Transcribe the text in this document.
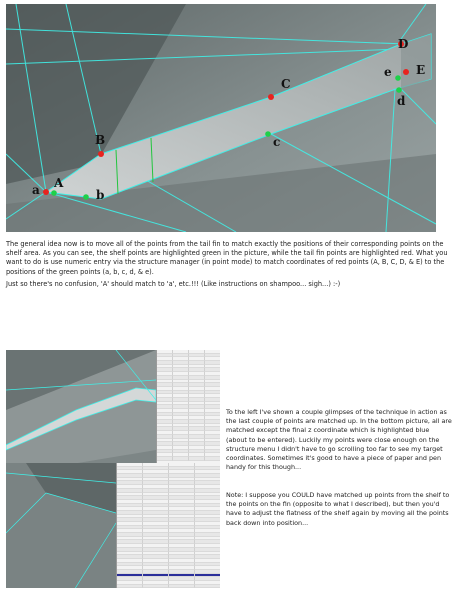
A
a
B
b
C
c
D
d
E
e

The general idea now is to move all of the points from the tail fin to match exactly the positions of their corresponding points on the shelf area. As you can see, the shelf points are highlighted green in the picture, while the tail fin points are highlighted red. What you want to do is use numeric entry via the structure manager (in point mode) to match coordinates of red points (A, B, C, D, & E) to the positions of the green points (a, b, c, d, & e).

Just so there's no confusion, 'A' should match to 'a', etc.!!! (Like instructions on shampoo... sigh...) :-)

To the left I've shown a couple glimpses of the technique in action as the last couple of points are matched up. In the bottom picture, all are matched except the final z coordinate which is highlighted blue (about to be entered). Luckily my points were close enough on the structure menu I didn't have to go scrolling too far to see my target coordinates. Sometimes it's good to have a piece of paper and pen handy for this though...

Note: I suppose you COULD have matched up points from the shelf to the points on the fin (opposite to what I described), but then you'd have to adjust the flatness of the shelf again by moving all the points back down into position...
